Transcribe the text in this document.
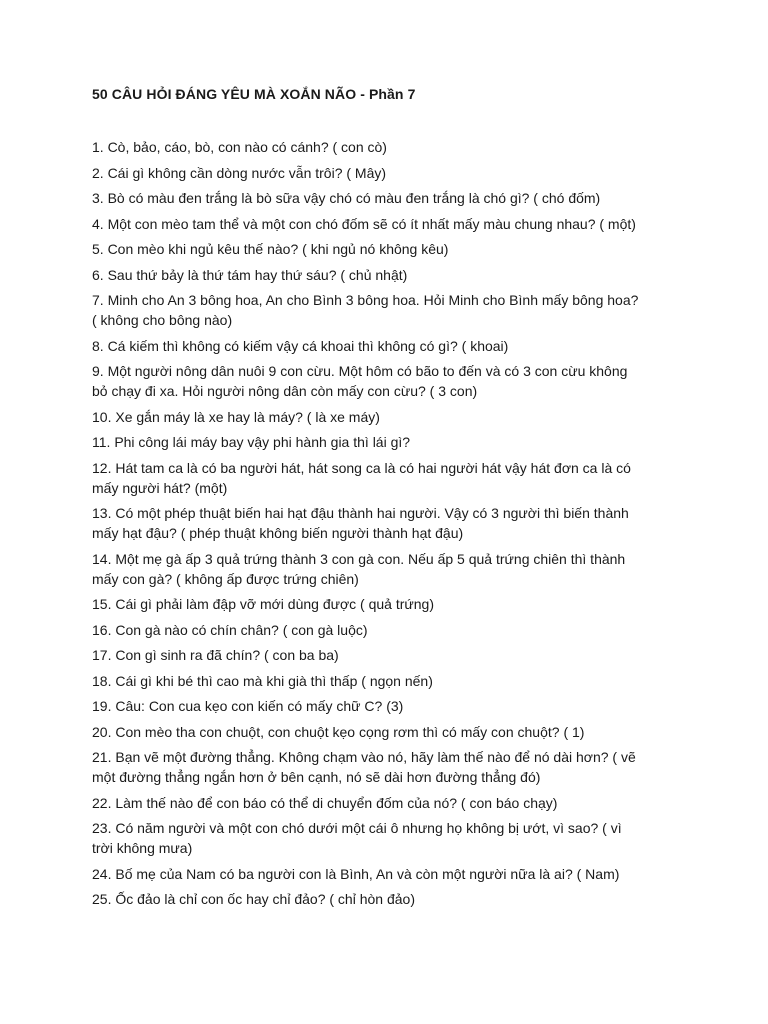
50 CÂU HỎI ĐÁNG YÊU MÀ XOẮN NÃO - Phần 7
1. Cò, bảo, cáo, bò, con nào có cánh? ( con cò)
2. Cái gì không cần dòng nước vẫn trôi? ( Mây)
3. Bò có màu đen trắng là bò sữa vậy chó có màu đen trắng là chó gì? ( chó đốm)
4. Một con mèo tam thể và một con chó đốm sẽ có ít nhất mấy màu chung nhau? ( một)
5. Con mèo khi ngủ kêu thế nào? ( khi ngủ nó không kêu)
6. Sau thứ bảy là thứ tám hay thứ sáu? ( chủ nhật)
7. Minh cho An 3 bông hoa, An cho Bình 3 bông hoa. Hỏi Minh cho Bình mấy bông hoa?
( không cho bông nào)
8. Cá kiếm thì không có kiếm vậy cá khoai thì không có gì? ( khoai)
9. Một người nông dân nuôi 9 con cừu. Một hôm có bão to đến và có 3 con cừu không
bỏ chạy đi xa. Hỏi người nông dân còn mấy con cừu? ( 3 con)
10. Xe gắn máy là xe hay là máy? ( là xe máy)
11. Phi công lái máy bay vậy phi hành gia thì lái gì?
12. Hát tam ca là có ba người hát, hát song ca là có hai người hát vậy hát đơn ca là có
mấy người hát? (một)
13. Có một phép thuật biến hai hạt đậu thành hai người. Vậy có 3 người thì biến thành
mấy hạt đậu? ( phép thuật không biến người thành hạt đậu)
14. Một mẹ gà ấp 3 quả trứng thành 3 con gà con. Nếu ấp 5 quả trứng chiên thì thành
mấy con gà? ( không ấp được trứng chiên)
15. Cái gì phải làm đập vỡ mới dùng được ( quả trứng)
16. Con gà nào có chín chân? ( con gà luộc)
17. Con gì sinh ra đã chín? ( con ba ba)
18. Cái gì khi bé thì cao mà khi già thì thấp ( ngọn nến)
19. Câu: Con cua kẹo con kiến có mấy chữ C? (3)
20. Con mèo tha con chuột, con chuột kẹo cọng rơm thì có mấy con chuột? ( 1)
21. Bạn vẽ một đường thẳng. Không chạm vào nó, hãy làm thế nào để nó dài hơn? ( vẽ
một đường thẳng ngắn hơn ở bên cạnh, nó sẽ dài hơn đường thẳng đó)
22. Làm thế nào để con báo có thể di chuyển đốm của nó? ( con báo chạy)
23. Có năm người và một con chó dưới một cái ô nhưng họ không bị ướt, vì sao? ( vì
trời không mưa)
24. Bố mẹ của Nam có ba người con là Bình, An và còn một người nữa là ai? ( Nam)
25. Ốc đảo là chỉ con ốc hay chỉ đảo? ( chỉ hòn đảo)
